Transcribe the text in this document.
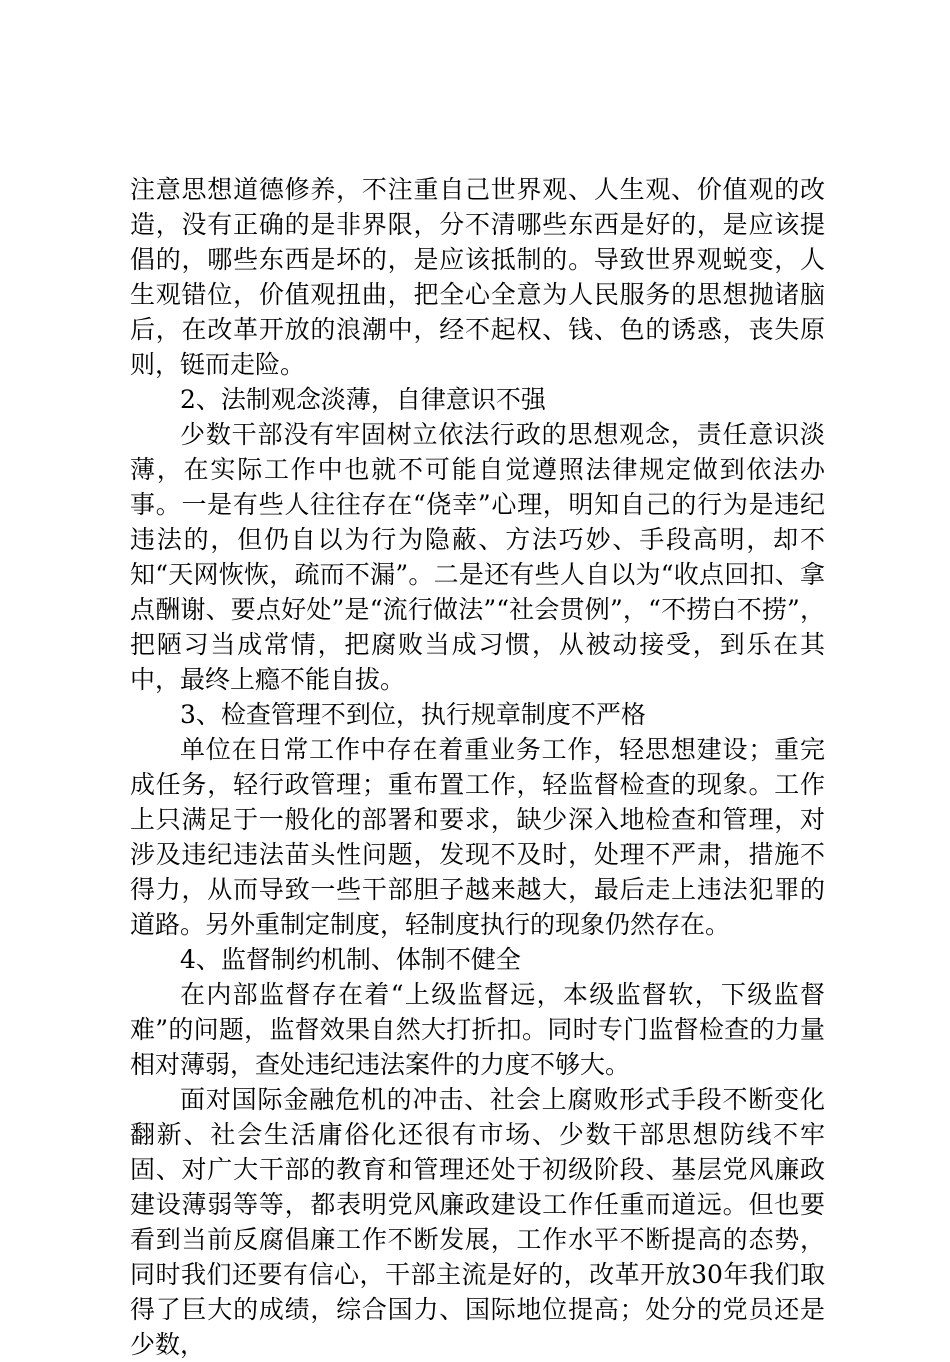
注意思想道德修养，不注重自己世界观、人生观、价值观的改造，没有正确的是非界限，分不清哪些东西是好的，是应该提倡的，哪些东西是坏的，是应该抵制的。导致世界观蜕变，人生观错位，价值观扭曲，把全心全意为人民服务的思想抛诸脑后，在改革开放的浪潮中，经不起权、钱、色的诱惑，丧失原则，铤而走险。

2、法制观念淡薄，自律意识不强

少数干部没有牢固树立依法行政的思想观念，责任意识淡薄，在实际工作中也就不可能自觉遵照法律规定做到依法办事。一是有些人往往存在“侥幸”心理，明知自己的行为是违纪违法的，但仍自以为行为隐蔽、方法巧妙、手段高明，却不知“天网恢恢，疏而不漏”。二是还有些人自以为“收点回扣、拿点酬谢、要点好处”是“流行做法”“社会贯例”，“不捞白不捞”，把陋习当成常情，把腐败当成习惯，从被动接受，到乐在其中，最终上瘾不能自拔。

3、检查管理不到位，执行规章制度不严格

单位在日常工作中存在着重业务工作，轻思想建设；重完成任务，轻行政管理；重布置工作，轻监督检查的现象。工作上只满足于一般化的部署和要求，缺少深入地检查和管理，对涉及违纪违法苗头性问题，发现不及时，处理不严肃，措施不得力，从而导致一些干部胆子越来越大，最后走上违法犯罪的道路。另外重制定制度，轻制度执行的现象仍然存在。

4、监督制约机制、体制不健全

在内部监督存在着“上级监督远，本级监督软，下级监督难”的问题，监督效果自然大打折扣。同时专门监督检查的力量相对薄弱，查处违纪违法案件的力度不够大。

面对国际金融危机的冲击、社会上腐败形式手段不断变化翻新、社会生活庸俗化还很有市场、少数干部思想防线不牢固、对广大干部的教育和管理还处于初级阶段、基层党风廉政建设薄弱等等，都表明党风廉政建设工作任重而道远。但也要看到当前反腐倡廉工作不断发展，工作水平不断提高的态势，同时我们还要有信心，干部主流是好的，改革开放30年我们取得了巨大的成绩，综合国力、国际地位提高；处分的党员还是少数，
